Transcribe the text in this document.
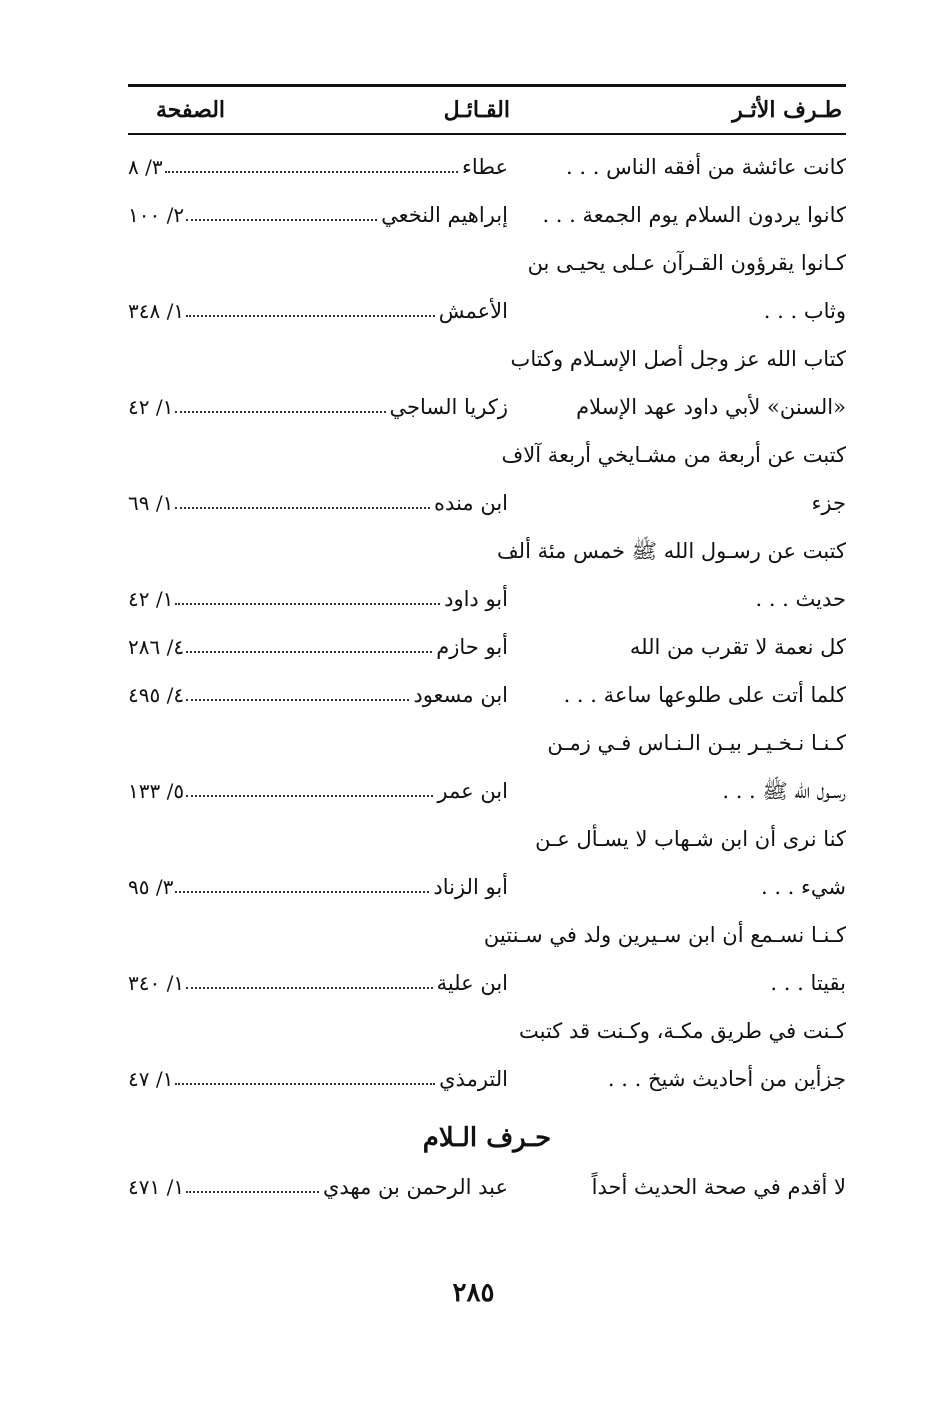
طـرف الأثـر
القـائـل
الصفحة
كانت عائشة من أفقه الناس . . .
عطاء
٣/ ٨
كانوا يردون السلام يوم الجمعة . . .
إبراهيم النخعي
٢/ ١٠٠
كـانوا يقرؤون القـرآن عـلى يحيـى بن
وثاب . . .
الأعمش
١/ ٣٤٨
كتاب الله عز وجل أصل الإسـلام وكتاب
«السنن» لأبي داود عهد الإسلام
زكريا الساجي
١/ ٤٢
كتبت عن أربعة من مشـايخي أربعة آلاف
جزء
ابن منده
١/ ٦٩
كتبت عن رسـول الله ﷺ خمس مئة ألف
حديث . . .
أبو داود
١/ ٤٢
كل نعمة لا تقرب من الله
أبو حازم
٤/ ٢٨٦
كلما أتت على طلوعها ساعة . . .
ابن مسعود
٤/ ٤٩٥
كـنـا نـخـيـر بيـن الـنـاس فـي زمـن
رسـول الله ﷺ . . .
ابن عمر
٥/ ١٣٣
كنا نرى أن ابن شـهاب لا يسـأل عـن
شيء . . .
أبو الزناد
٣/ ٩٥
كـنـا نسـمع أن ابن سـيرين ولد في سـنتين
بقيتا . . .
ابن علية
١/ ٣٤٠
كـنت في طريق مكـة، وكـنت قد كتبت
جزأين من أحاديث شيخ . . .
الترمذي
١/ ٤٧
حـرف الـلام
لا أقدم في صحة الحديث أحداً
عبد الرحمن بن مهدي
١/ ٤٧١
٢٨٥
